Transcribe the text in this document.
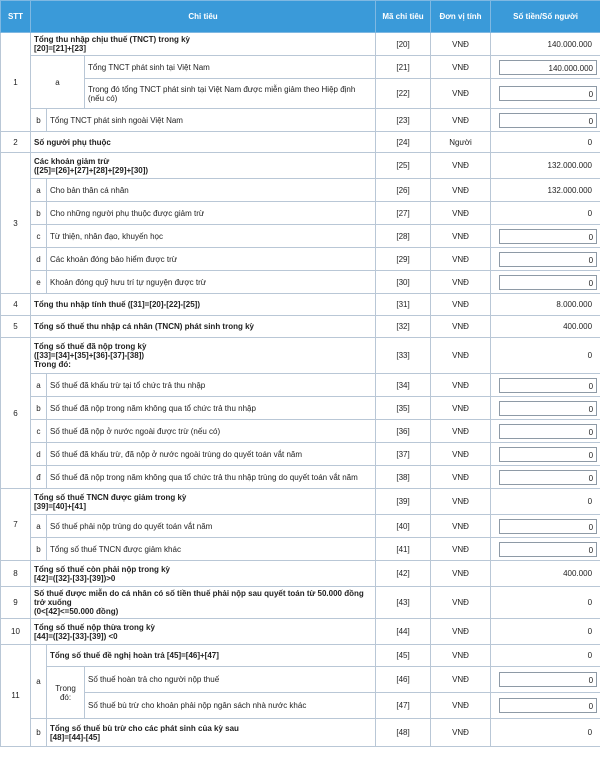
STT	Chỉ tiêu			Mã chỉ tiêu	Đơn vị tính	Số tiền/Số người
1	Tổng thu nhập chịu thuế (TNCT) trong kỳ
[20]=[21]+[23]			[20]	VNĐ	140.000.000
	a		Tổng TNCT phát sinh tại Việt Nam	[21]	VNĐ	140.000.000

			Trong đó tổng TNCT phát sinh tại Việt Nam được miễn giảm theo Hiệp định (nếu có)	[22]	VNĐ	0

	b	Tổng TNCT phát sinh ngoài Việt Nam		[23]	VNĐ	0

2	Số người phụ thuộc			[24]	Người	0
3	Các khoản giảm trừ
([25]=[26]+[27]+[28]+[29]+[30])			[25]	VNĐ	132.000.000
	a	Cho bản thân cá nhân		[26]	VNĐ	132.000.000
	b	Cho những người phụ thuộc được giảm trừ		[27]	VNĐ	0
	c	Từ thiện, nhân đạo, khuyến học		[28]	VNĐ	0

	d	Các khoản đóng bảo hiểm được trừ		[29]	VNĐ	0

	e	Khoản đóng quỹ hưu trí tự nguyện được trừ		[30]	VNĐ	0

4	Tổng thu nhập tính thuế ([31]=[20]-[22]-[25])			[31]	VNĐ	8.000.000
5	Tổng số thuế thu nhập cá nhân (TNCN) phát sinh trong kỳ			[32]	VNĐ	400.000
6	Tổng số thuế đã nộp trong kỳ
([33]=[34]+[35]+[36]-[37]-[38])
Trong đó:			[33]	VNĐ	0
	a	Số thuế đã khấu trừ tại tổ chức trả thu nhập		[34]	VNĐ	0

	b	Số thuế đã nộp trong năm không qua tổ chức trả thu nhập		[35]	VNĐ	0

	c	Số thuế đã nộp ở nước ngoài được trừ (nếu có)		[36]	VNĐ	0

	d	Số thuế đã khấu trừ, đã nộp ở nước ngoài trùng do quyết toán vắt năm		[37]	VNĐ	0

	đ	Số thuế đã nộp trong năm không qua tổ chức trả thu nhập trùng do quyết toán vắt năm		[38]	VNĐ	0

7	Tổng số thuế TNCN được giảm trong kỳ
[39]=[40]+[41]			[39]	VNĐ	0
	a	Số thuế phải nộp trùng do quyết toán vắt năm		[40]	VNĐ	0

	b	Tổng số thuế TNCN được giảm khác		[41]	VNĐ	0

8	Tổng số thuế còn phải nộp trong kỳ
[42]=([32]-[33]-[39])>0			[42]	VNĐ	400.000
9	Số thuế được miễn do cá nhân có số tiền thuế phải nộp sau quyết toán từ 50.000 đồng trở xuống
(0<[42]<=50.000 đồng)			[43]	VNĐ	0
10	Tổng số thuế nộp thừa trong kỳ
[44]=([32]-[33]-[39]) <0			[44]	VNĐ	0
11	a	Tổng số thuế đề nghị hoàn trả [45]=[46]+[47]		[45]	VNĐ	0
		Trong đó:	Số thuế hoàn trả cho người nộp thuế	[46]	VNĐ	0

			Số thuế bù trừ cho khoản phải nộp ngân sách nhà nước khác	[47]	VNĐ	0

	b	Tổng số thuế bù trừ cho các phát sinh của kỳ sau
[48]=[44]-[45]		[48]	VNĐ	0
